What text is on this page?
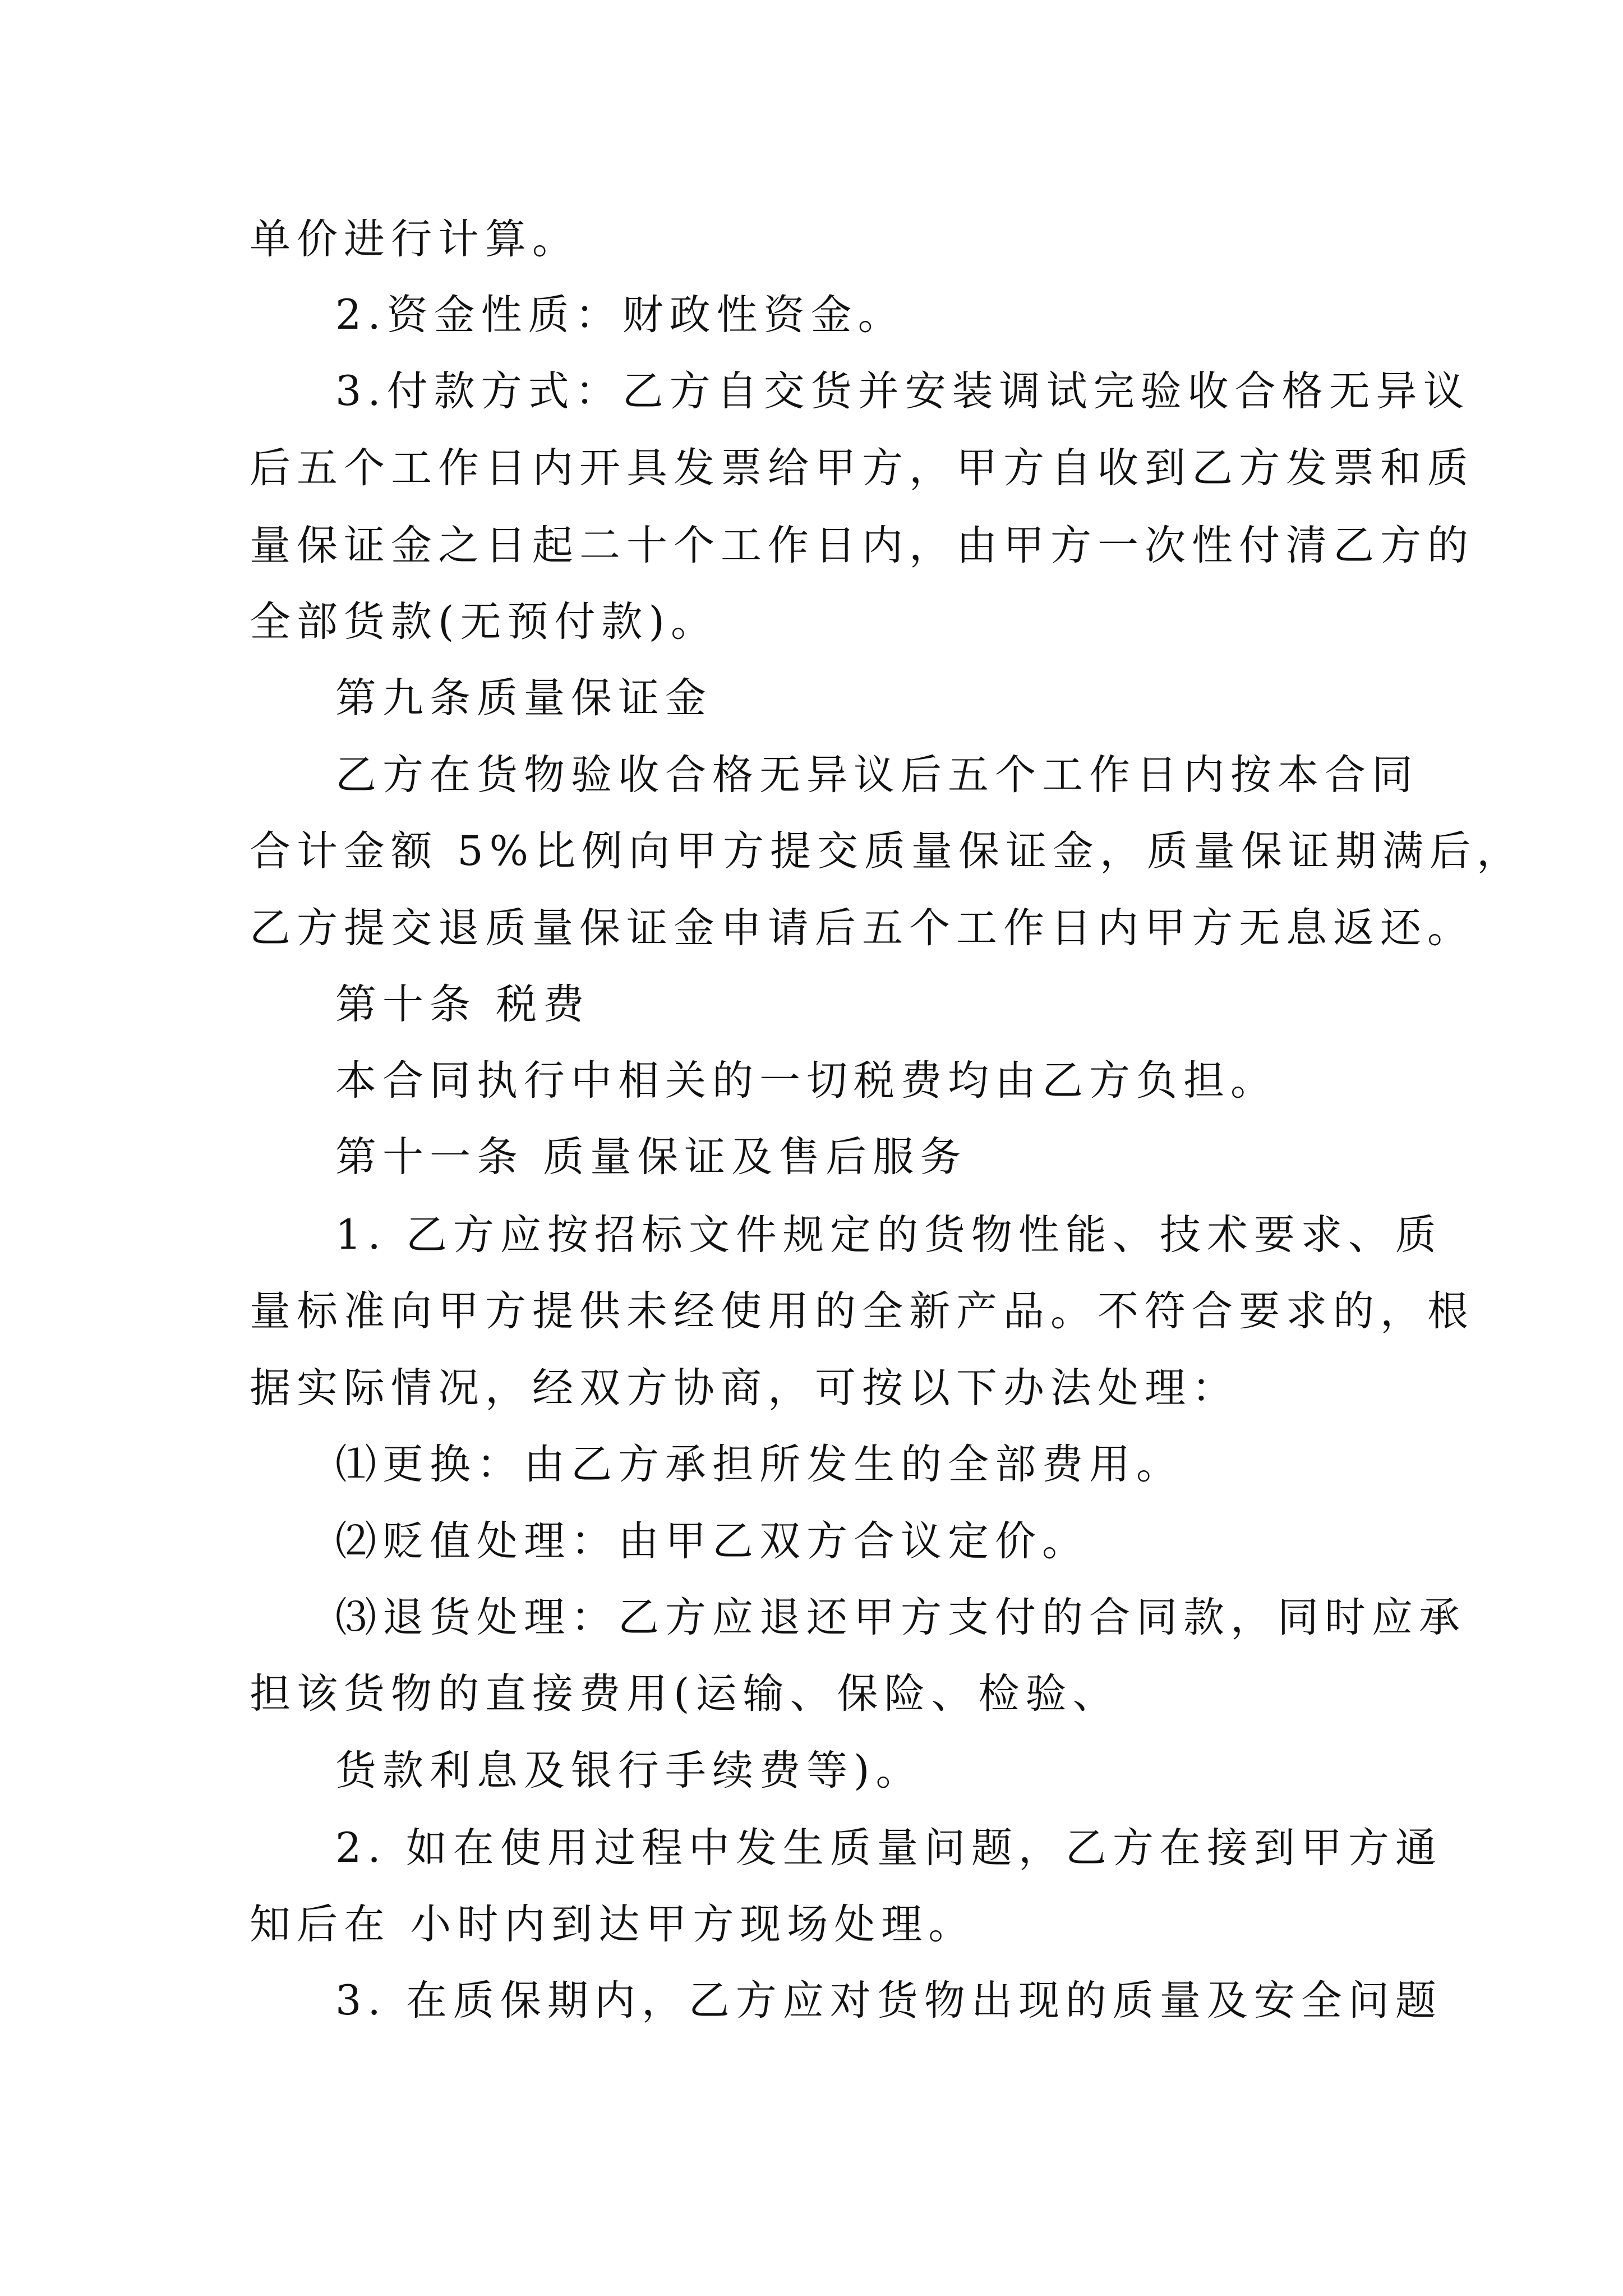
单价进行计算。
2.资金性质：财政性资金。
3.付款方式：乙方自交货并安装调试完验收合格无异议
后五个工作日内开具发票给甲方，甲方自收到乙方发票和质
量保证金之日起二十个工作日内，由甲方一次性付清乙方的
全部货款(无预付款)。
第九条质量保证金
乙方在货物验收合格无异议后五个工作日内按本合同
合计金额 5%比例向甲方提交质量保证金，质量保证期满后，
乙方提交退质量保证金申请后五个工作日内甲方无息返还。
第十条 税费
本合同执行中相关的一切税费均由乙方负担。
第十一条 质量保证及售后服务
1. 乙方应按招标文件规定的货物性能、技术要求、质
量标准向甲方提供未经使用的全新产品。不符合要求的，根
据实际情况，经双方协商，可按以下办法处理：
⑴更换：由乙方承担所发生的全部费用。
⑵贬值处理：由甲乙双方合议定价。
⑶退货处理：乙方应退还甲方支付的合同款，同时应承
担该货物的直接费用(运输、保险、检验、
货款利息及银行手续费等)。
2. 如在使用过程中发生质量问题，乙方在接到甲方通
知后在 小时内到达甲方现场处理。
3. 在质保期内，乙方应对货物出现的质量及安全问题
